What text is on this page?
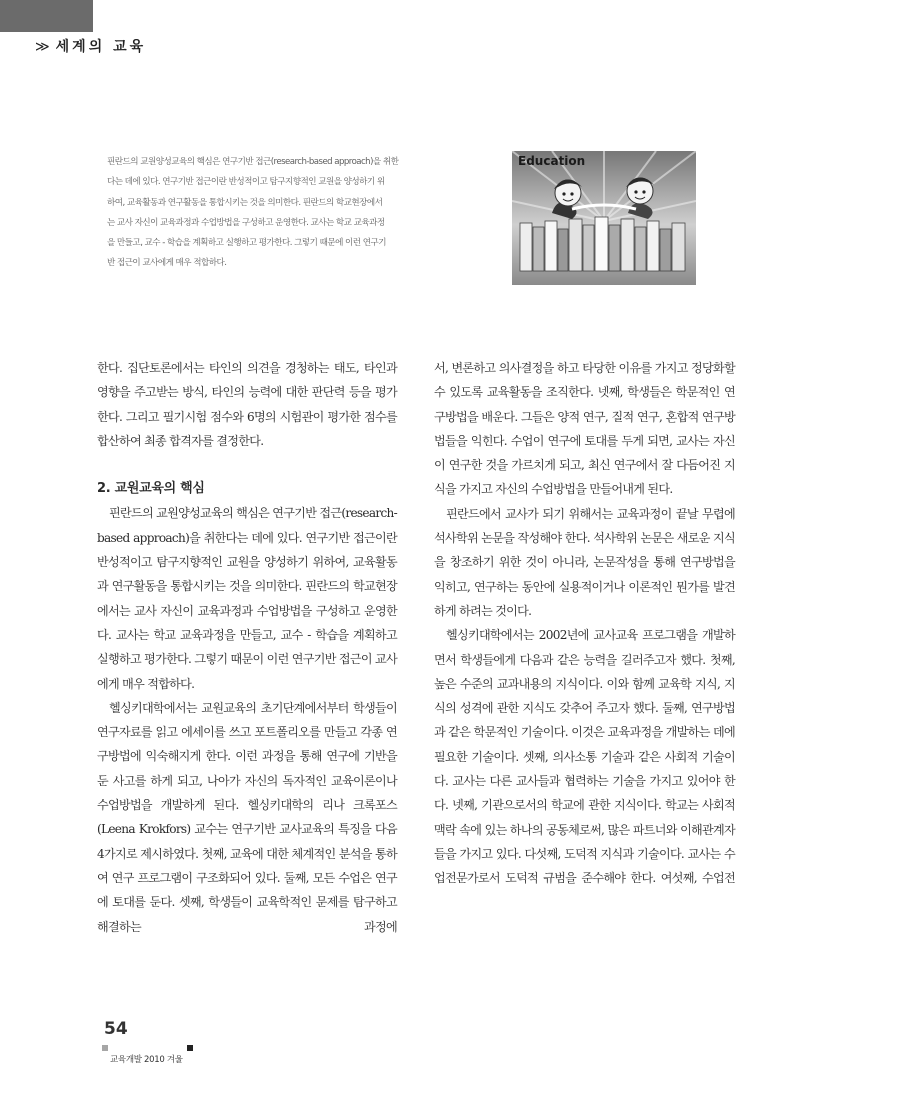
≫ 세계의 교육
핀란드의 교원양성교육의 핵심은 연구기반 접근(research-based approach)을 취한
다는 데에 있다. 연구기반 접근이란 반성적이고 탐구지향적인 교원을 양성하기 위
하여, 교육활동과 연구활동을 통합시키는 것을 의미한다. 핀란드의 학교현장에서
는 교사 자신이 교육과정과 수업방법을 구성하고 운영한다. 교사는 학교 교육과정
을 만들고, 교수 - 학습을 계획하고 실행하고 평가한다. 그렇기 때문에 이런 연구기
반 접근이 교사에게 매우 적합하다.
Education

한다. 집단토론에서는 타인의 의견을 경청하는 태도, 타인과 영향을 주고받는 방식, 타인의 능력에 대한 판단력 등을 평가한다. 그리고 필기시험 점수와 6명의 시험관이 평가한 점수를 합산하여 최종 합격자를 결정한다.

2. 교원교육의 핵심

핀란드의 교원양성교육의 핵심은 연구기반 접근(research-based approach)을 취한다는 데에 있다. 연구기반 접근이란 반성적이고 탐구지향적인 교원을 양성하기 위하여, 교육활동과 연구활동을 통합시키는 것을 의미한다. 핀란드의 학교현장에서는 교사 자신이 교육과정과 수업방법을 구성하고 운영한다. 교사는 학교 교육과정을 만들고, 교수 - 학습을 계획하고 실행하고 평가한다. 그렇기 때문이 이런 연구기반 접근이 교사에게 매우 적합하다.

헬싱키대학에서는 교원교육의 초기단계에서부터 학생들이 연구자료를 읽고 에세이를 쓰고 포트폴리오를 만들고 각종 연구방법에 익숙해지게 한다. 이런 과정을 통해 연구에 기반을 둔 사고를 하게 되고, 나아가 자신의 독자적인 교육이론이나 수업방법을 개발하게 된다. 헬싱키대학의 리나 크록포스(Leena Krokfors) 교수는 연구기반 교사교육의 특징을 다음 4가지로 제시하였다. 첫째, 교육에 대한 체계적인 분석을 통하여 연구 프로그램이 구조화되어 있다. 둘째, 모든 수업은 연구에 토대를 둔다. 셋째, 학생들이 교육학적인 문제를 탐구하고 해결하는 과정에

서, 변론하고 의사결정을 하고 타당한 이유를 가지고 정당화할 수 있도록 교육활동을 조직한다. 넷째, 학생들은 학문적인 연구방법을 배운다. 그들은 양적 연구, 질적 연구, 혼합적 연구방법들을 익힌다. 수업이 연구에 토대를 두게 되면, 교사는 자신이 연구한 것을 가르치게 되고, 최신 연구에서 잘 다듬어진 지식을 가지고 자신의 수업방법을 만들어내게 된다.

핀란드에서 교사가 되기 위해서는 교육과정이 끝날 무렵에 석사학위 논문을 작성해야 한다. 석사학위 논문은 새로운 지식을 창조하기 위한 것이 아니라, 논문작성을 통해 연구방법을 익히고, 연구하는 동안에 실용적이거나 이론적인 뭔가를 발견하게 하려는 것이다.

헬싱키대학에서는 2002년에 교사교육 프로그램을 개발하면서 학생들에게 다음과 같은 능력을 길러주고자 했다. 첫째, 높은 수준의 교과내용의 지식이다. 이와 함께 교육학 지식, 지식의 성격에 관한 지식도 갖추어 주고자 했다. 둘째, 연구방법과 같은 학문적인 기술이다. 이것은 교육과정을 개발하는 데에 필요한 기술이다. 셋째, 의사소통 기술과 같은 사회적 기술이다. 교사는 다른 교사들과 협력하는 기술을 가지고 있어야 한다. 넷째, 기관으로서의 학교에 관한 지식이다. 학교는 사회적 맥락 속에 있는 하나의 공동체로써, 많은 파트너와 이해관계자들을 가지고 있다. 다섯째, 도덕적 지식과 기술이다. 교사는 수업전문가로서 도덕적 규범을 준수해야 한다. 여섯째, 수업전

54
교육개발 2010 겨울
